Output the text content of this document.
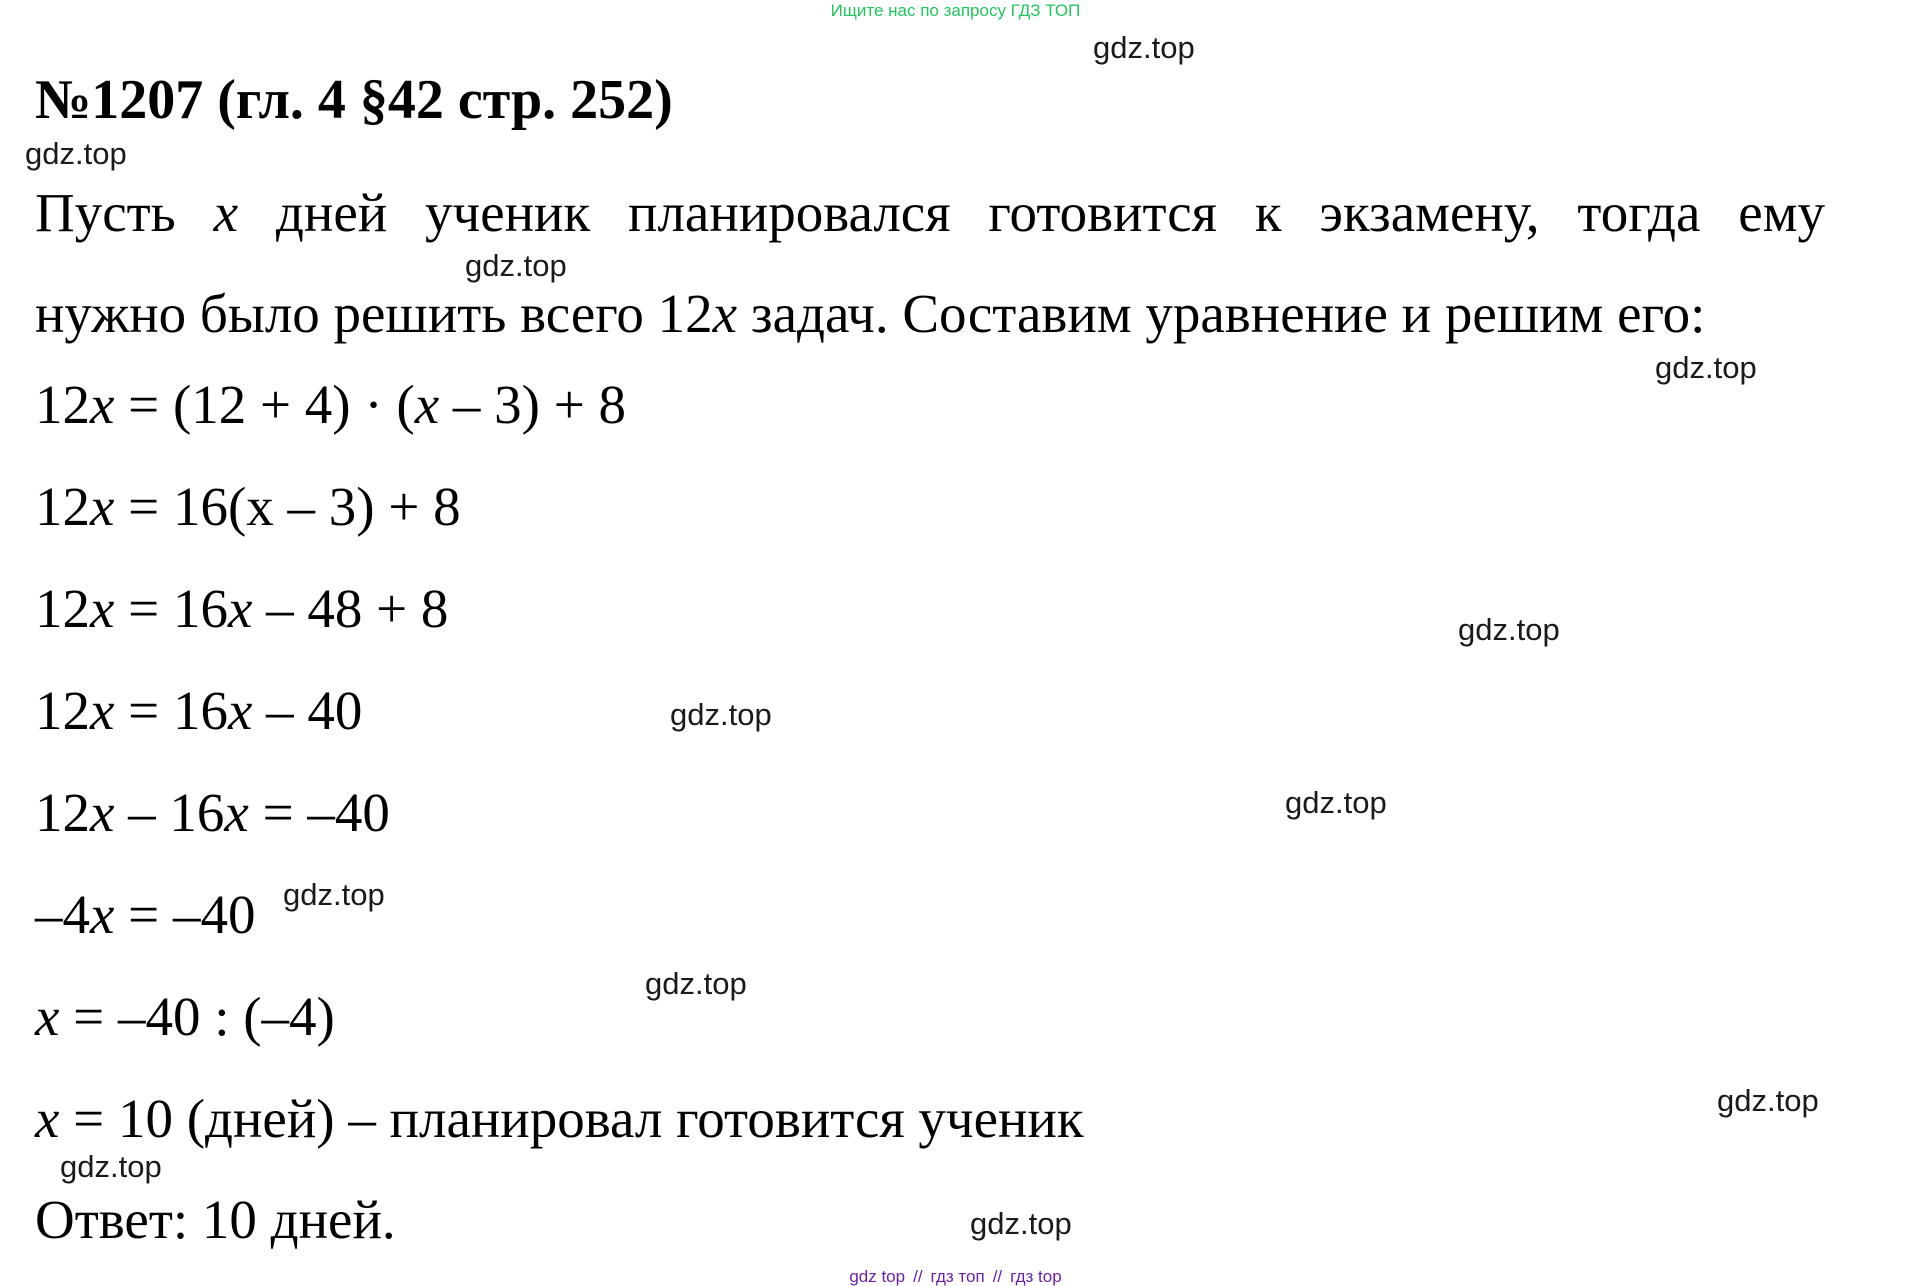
Ищите нас по запросу ГДЗ ТОП
№1207 (гл. 4 §42 стр. 252)
Пусть x дней ученик планировался готовится к экзамену, тогда ему
нужно было решить всего 12x задач. Составим уравнение и решим его:
12x = (12 + 4) · (x – 3) + 8
12x = 16(x – 3) + 8
12x = 16x – 48 + 8
12x = 16x – 40
12x – 16x = –40
–4x = –40
x = –40 : (–4)
x = 10 (дней) – планировал готовится ученик
Ответ: 10 дней.
gdz.top
gdz.top
gdz.top
gdz.top
gdz.top
gdz.top
gdz.top
gdz.top
gdz.top
gdz.top
gdz.top
gdz.top
gdz top // гдз топ // гдз top
